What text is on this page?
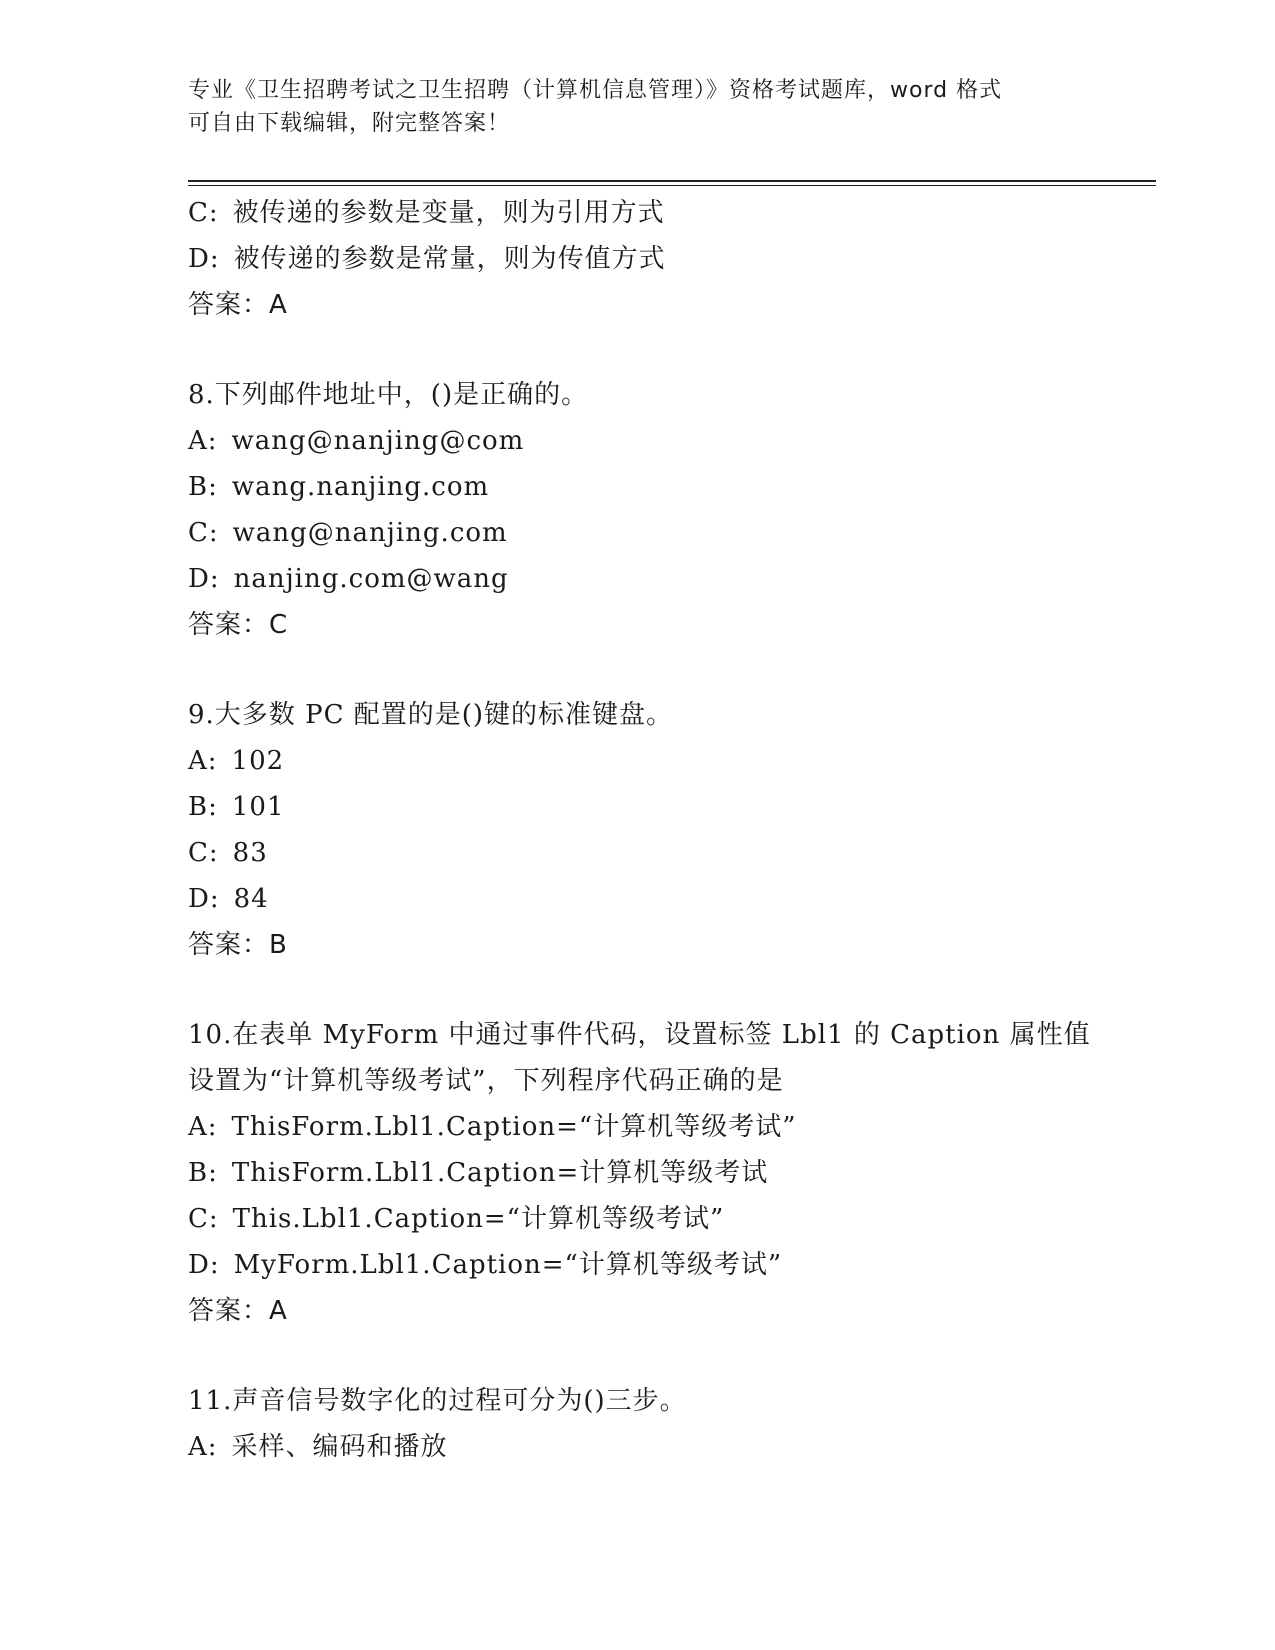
专业《卫生招聘考试之卫生招聘（计算机信息管理）》资格考试题库，word 格式
可自由下载编辑，附完整答案！
C: 被传递的参数是变量，则为引用方式
D: 被传递的参数是常量，则为传值方式
答案：A
8.下列邮件地址中，()是正确的。
A: wang@nanjing@com
B: wang.nanjing.com
C: wang@nanjing.com
D: nanjing.com@wang
答案：C
9.大多数 PC 配置的是()键的标准键盘。
A: 102
B: 101
C: 83
D: 84
答案：B
10.在表单 MyForm 中通过事件代码，设置标签 Lbl1 的 Caption 属性值
设置为“计算机等级考试”，下列程序代码正确的是
A: ThisForm.Lbl1.Caption=“计算机等级考试”
B: ThisForm.Lbl1.Caption=计算机等级考试
C: This.Lbl1.Caption=“计算机等级考试”
D: MyForm.Lbl1.Caption=“计算机等级考试”
答案：A
11.声音信号数字化的过程可分为()三步。
A: 采样、编码和播放
